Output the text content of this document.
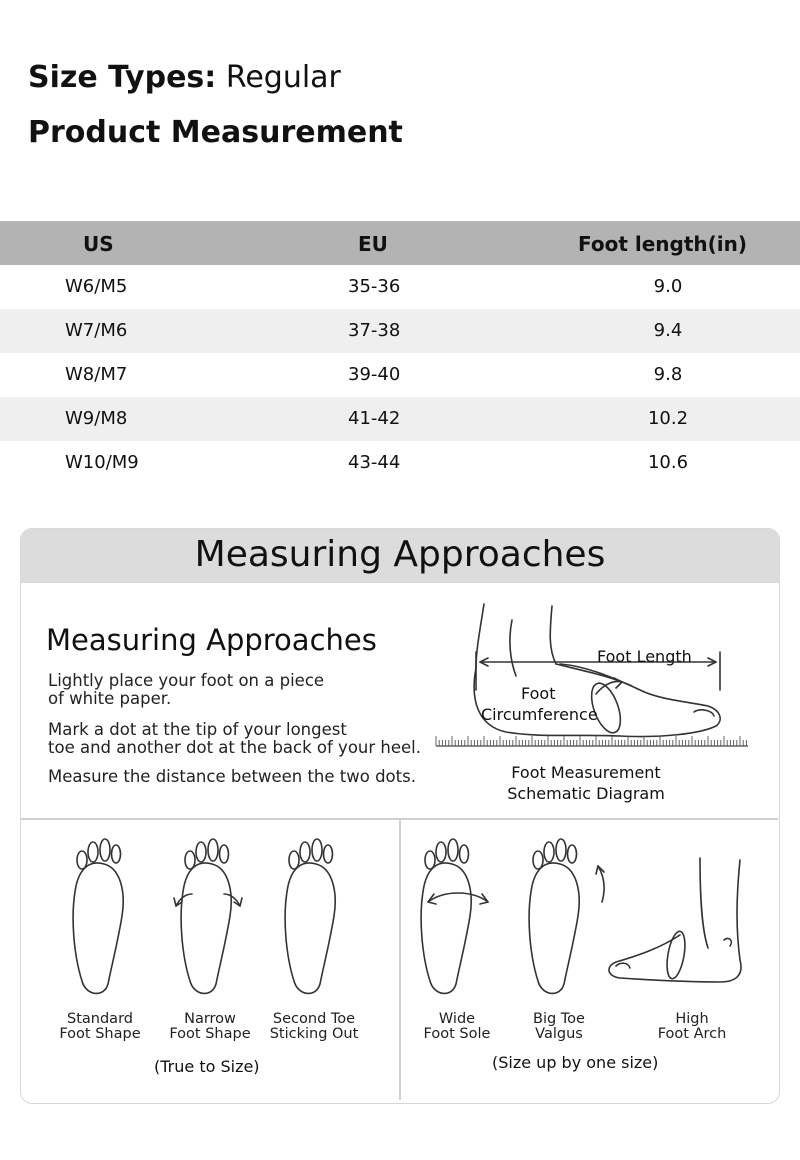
Size Types: Regular
Product Measurement
US	EU	Foot length(in)
W6/M5	35-36	9.0
W7/M6	37-38	9.4
W8/M7	39-40	9.8
W9/M8	41-42	10.2
W10/M9	43-44	10.6
Measuring Approaches
Measuring Approaches
Lightly place your foot on a piece
of white paper.
Mark a dot at the tip of your longest
toe and another dot at the back of your heel.
Measure the distance between the two dots.
Foot Length
Foot
Circumference
Foot Measurement
Schematic Diagram
Standard
Foot Shape
Narrow
Foot Shape
Second Toe
Sticking Out
Wide
Foot Sole
Big Toe
Valgus
High
Foot Arch
(True to Size)	(Size up by one size)
